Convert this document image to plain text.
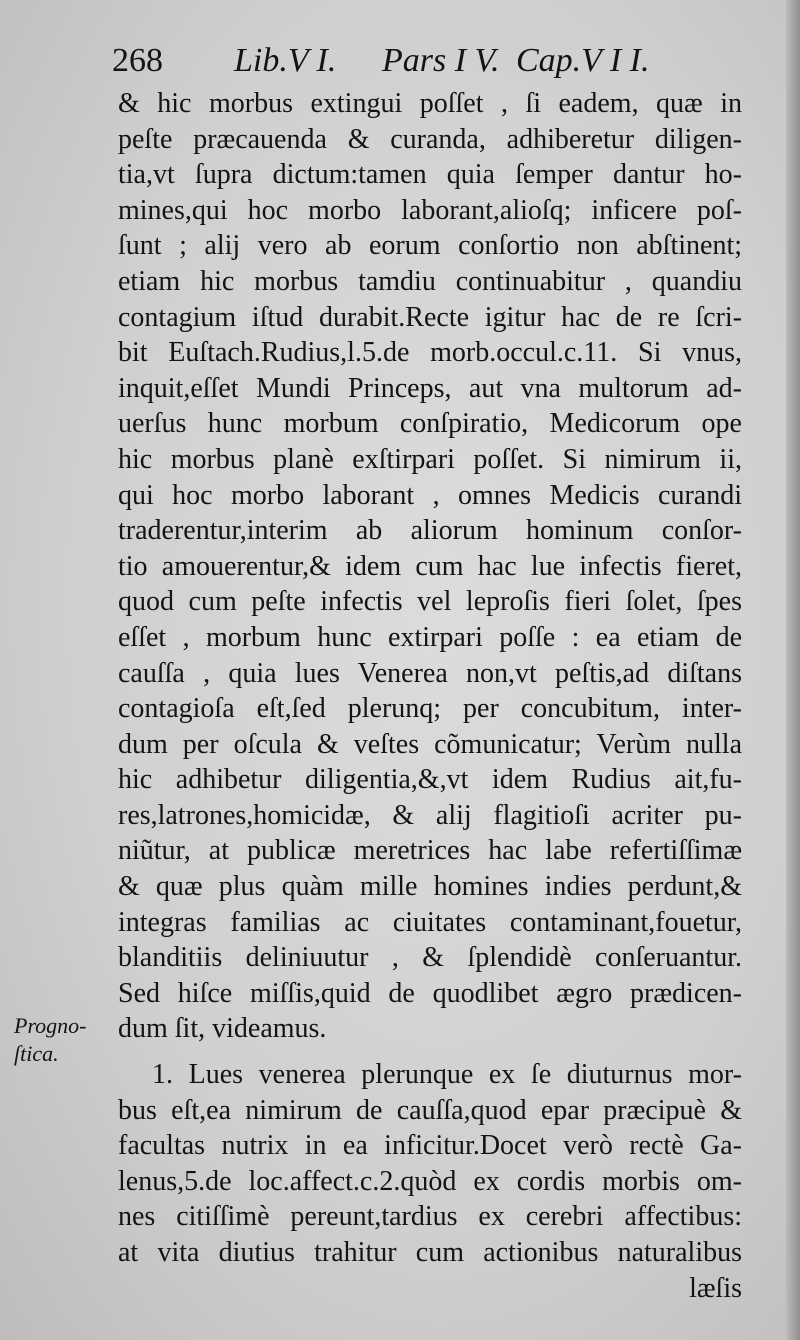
268 Lib.V I. Pars I V. Cap.V I I.
& hic morbus extingui poſſet , ſi eadem, quæ in
peſte præcauenda & curanda, adhiberetur diligen-
tia,vt ſupra dictum:tamen quia ſemper dantur ho-
mines,qui hoc morbo laborant,alioſq; inficere poſ-
ſunt ; alij vero ab eorum conſortio non abſtinent;
etiam hic morbus tamdiu continuabitur , quandiu
contagium iſtud durabit.Recte igitur hac de re ſcri-
bit Euſtach.Rudius,l.5.de morb.occul.c.11. Si vnus,
inquit,eſſet Mundi Princeps, aut vna multorum ad-
uerſus hunc morbum conſpiratio, Medicorum ope
hic morbus planè exſtirpari poſſet. Si nimirum ii,
qui hoc morbo laborant , omnes Medicis curandi
traderentur,interim ab aliorum hominum conſor-
tio amouerentur,& idem cum hac lue infectis fieret,
quod cum peſte infectis vel leproſis fieri ſolet, ſpes
eſſet , morbum hunc extirpari poſſe : ea etiam de
cauſſa , quia lues Venerea non,vt peſtis,ad diſtans
contagioſa eſt,ſed plerunq; per concubitum, inter-
dum per oſcula & veſtes cõmunicatur; Verùm nulla
hic adhibetur diligentia,&,vt idem Rudius ait,fu-
res,latrones,homicidæ, & alij flagitioſi acriter pu-
niũtur, at publicæ meretrices hac labe refertiſſimæ
& quæ plus quàm mille homines indies perdunt,&
integras familias ac ciuitates contaminant,fouetur,
blanditiis deliniuutur , & ſplendidè conſeruantur.
Sed hiſce miſſis,quid de quodlibet ægro prædicen-
dum ſit, videamus.
1. Lues venerea plerunque ex ſe diuturnus mor-
bus eſt,ea nimirum de cauſſa,quod epar præcipuè &
facultas nutrix in ea inficitur.Docet verò rectè Ga-
lenus,5.de loc.affect.c.2.quòd ex cordis morbis om-
nes citiſſimè pereunt,tardius ex cerebri affectibus:
at vita diutius trahitur cum actionibus naturalibus
læſis
Progno-
ſtica.
